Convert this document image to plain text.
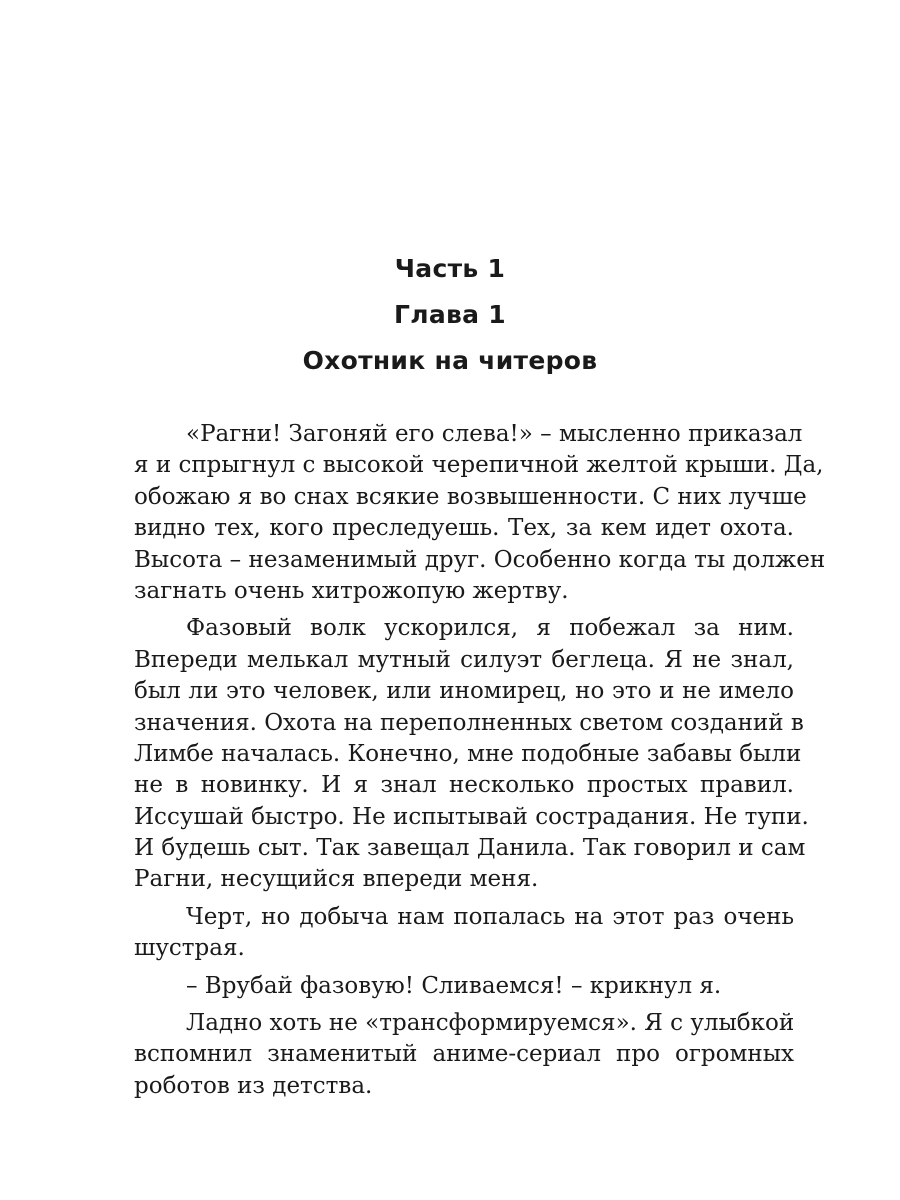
Часть 1
Глава 1
Охотник на читеров
«Рагни! Загоняй его слева!» – мысленно приказал
я и спрыгнул с высокой черепичной желтой крыши. Да,
обожаю я во снах всякие возвышенности. С них лучше
видно тех, кого преследуешь. Тех, за кем идет охота.
Высота – незаменимый друг. Особенно когда ты должен
загнать очень хитрожопую жертву.
Фазовый волк ускорился, я побежал за ним.
Впереди мелькал мутный силуэт беглеца. Я не знал,
был ли это человек, или иномирец, но это и не имело
значения. Охота на переполненных светом созданий в
Лимбе началась. Конечно, мне подобные забавы были
не в новинку. И я знал несколько простых правил.
Иссушай быстро. Не испытывай сострадания. Не тупи.
И будешь сыт. Так завещал Данила. Так говорил и сам
Рагни, несущийся впереди меня.
Черт, но добыча нам попалась на этот раз очень
шустрая.
– Врубай фазовую! Сливаемся! – крикнул я.
Ладно хоть не «трансформируемся». Я с улыбкой
вспомнил знаменитый аниме-сериал про огромных
роботов из детства.
